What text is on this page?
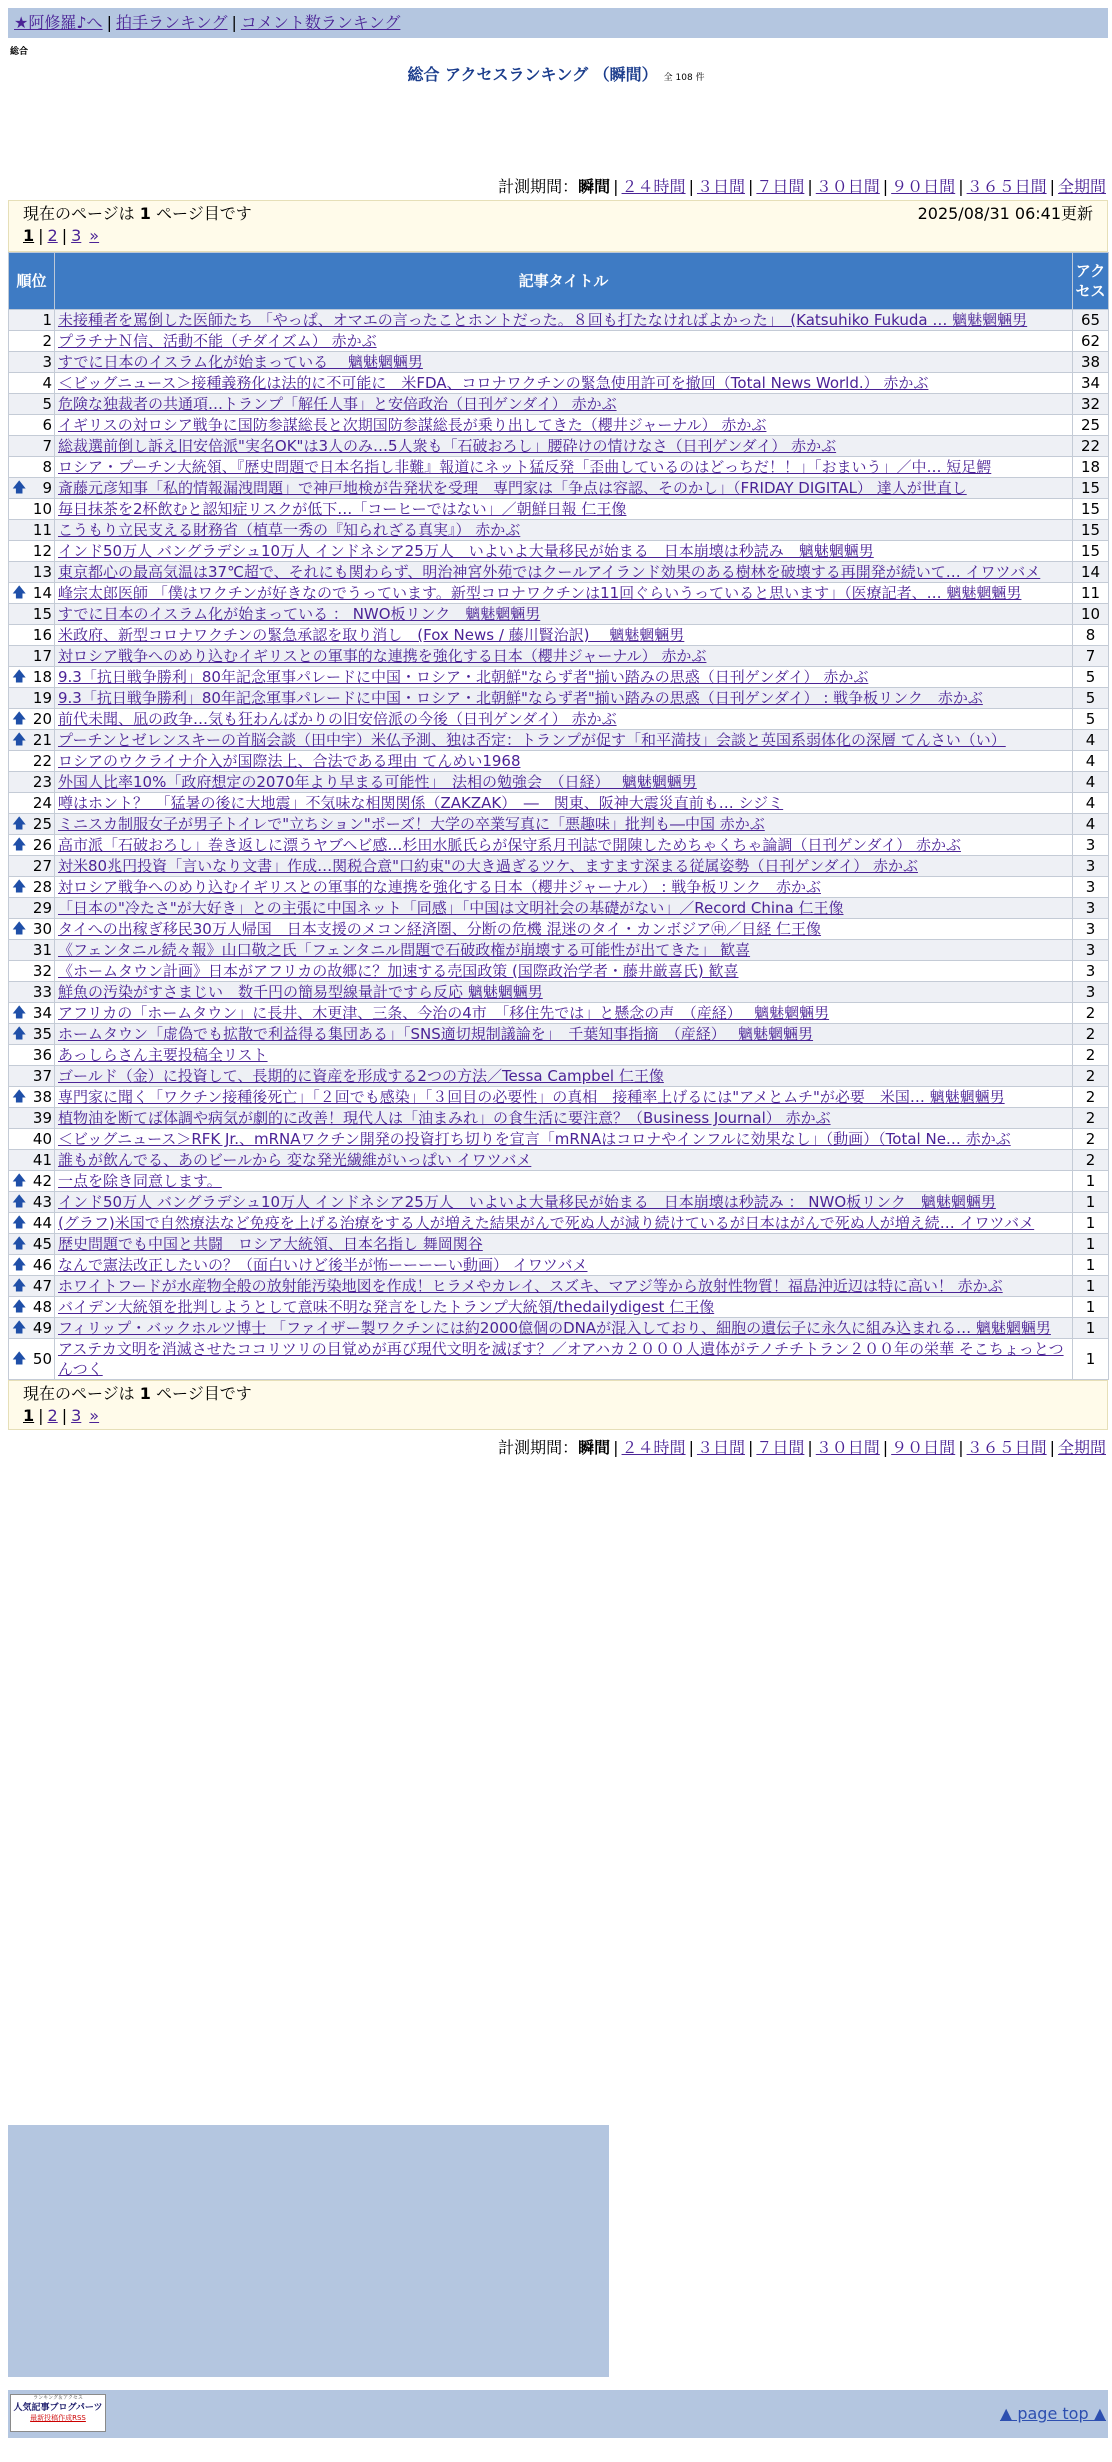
★阿修羅♪へ | 拍手ランキング | コメント数ランキング
総合
総合 アクセスランキング （瞬間） 全 108 件
計測期間：瞬間 | ２４時間 | ３日間 | ７日間 | ３０日間 | ９０日間 | ３６５日間 | 全期間
現在のページは 1 ページ目です	2025/08/31 06:41更新
1 | 2 | 3 »
順位	記事タイトル	アクセス
1	未接種者を罵倒した医師たち 「やっぱ、オマエの言ったことホントだった。８回も打たなければよかった」　(Katsuhiko Fukuda … 魑魅魍魎男	65
2	プラチナＮ信、活動不能（チダイズム） 赤かぶ	62
3	すでに日本のイスラム化が始まっている　 魑魅魍魎男	38
4	＜ビッグニュース＞接種義務化は法的に不可能に　米FDA、コロナワクチンの緊急使用許可を撤回（Total News World.） 赤かぶ	34
5	危険な独裁者の共通項…トランプ「解任人事」と安倍政治（日刊ゲンダイ） 赤かぶ	32
6	イギリスの対ロシア戦争に国防参謀総長と次期国防参謀総長が乗り出してきた（櫻井ジャーナル） 赤かぶ	25
7	総裁選前倒し訴え旧安倍派"実名OK"は3人のみ…5人衆も「石破おろし」腰砕けの情けなさ（日刊ゲンダイ） 赤かぶ	22
8	ロシア・プーチン大統領、『歴史問題で日本名指し非難』報道にネット猛反発「歪曲しているのはどっちだ！！」「おまいう」／中… 短足鰐	18

🡅 9	斎藤元彦知事「私的情報漏洩問題」で神戸地検が告発状を受理　専門家は「争点は容認、そのかし」（FRIDAY DIGITAL） 達人が世直し	15
10	毎日抹茶を2杯飲むと認知症リスクが低下…「コーヒーではない」／朝鮮日報 仁王像	15
11	こうもり立民支える財務省（植草一秀の『知られざる真実』） 赤かぶ	15
12	インド50万人 バングラデシュ10万人 インドネシア25万人　いよいよ大量移民が始まる　日本崩壊は秒読み　魑魅魍魎男	15
13	東京都心の最高気温は37℃超で、それにも関わらず、明治神宮外苑ではクールアイランド効果のある樹林を破壊する再開発が続いて… イワツバメ	14

🡅 14	峰宗太郎医師 「僕はワクチンが好きなのでうっています。新型コロナワクチンは11回ぐらいうっていると思います」（医療記者、… 魑魅魍魎男	11
15	すでに日本のイスラム化が始まっている ： NWO板リンク　魑魅魍魎男	10
16	米政府、新型コロナワクチンの緊急承認を取り消し　(Fox News / 藤川賢治訳)　 魑魅魍魎男	8
17	対ロシア戦争へのめり込むイギリスとの軍事的な連携を強化する日本（櫻井ジャーナル） 赤かぶ	7

🡅 18	9.3「抗日戦争勝利」80年記念軍事パレードに中国・ロシア・北朝鮮"ならず者"揃い踏みの思惑（日刊ゲンダイ） 赤かぶ	5
19	9.3「抗日戦争勝利」80年記念軍事パレードに中国・ロシア・北朝鮮"ならず者"揃い踏みの思惑（日刊ゲンダイ） : 戦争板リンク　赤かぶ	5

🡅 20	前代未聞、凪の政争…気も狂わんばかりの旧安倍派の今後（日刊ゲンダイ） 赤かぶ	5

🡅 21	プーチンとゼレンスキーの首脳会談（田中宇）米仏予測、独は否定：トランプが促す「和平満技」会談と英国系弱体化の深層 てんさい（い）	4
22	ロシアのウクライナ介入が国際法上、合法である理由 てんめい1968	4
23	外国人比率10%「政府想定の2070年より早まる可能性」　法相の勉強会　（日経）　 魑魅魍魎男	4
24	噂はホント？　「猛暑の後に大地震」不気味な相関関係（ZAKZAK）　―　関東、阪神大震災直前も… シジミ	4

🡅 25	ミニスカ制服女子が男子トイレで"立ちション"ポーズ！大学の卒業写真に「悪趣味」批判も―中国 赤かぶ	4

🡅 26	高市派「石破おろし」巻き返しに漂うヤブヘビ感…杉田水脈氏らが保守系月刊誌で開陳しためちゃくちゃ論調（日刊ゲンダイ） 赤かぶ	3
27	対米80兆円投資「言いなり文書」作成…関税合意"口約束"の大き過ぎるツケ、ますます深まる従属姿勢（日刊ゲンダイ） 赤かぶ	3

🡅 28	対ロシア戦争へのめり込むイギリスとの軍事的な連携を強化する日本（櫻井ジャーナル） : 戦争板リンク　赤かぶ	3
29	「日本の"冷たさ"が大好き」との主張に中国ネット「同感」「中国は文明社会の基礎がない」／Record China 仁王像	3

🡅 30	タイへの出稼ぎ移民30万人帰国　日本支援のメコン経済圏、分断の危機 混迷のタイ・カンボジア㊥／日経 仁王像	3
31	《フェンタニル続々報》山口敬之氏「フェンタニル問題で石破政権が崩壊する可能性が出てきた」 歓喜	3
32	《ホームタウン計画》日本がアフリカの故郷に？加速する売国政策 (国際政治学者・藤井厳喜氏) 歓喜	3
33	鮮魚の汚染がすさまじい　数千円の簡易型線量計ですら反応 魑魅魍魎男	3

🡅 34	アフリカの「ホームタウン」に長井、木更津、三条、今治の4市　「移住先では」と懸念の声　（産経）　 魑魅魍魎男	2

🡅 35	ホームタウン「虚偽でも拡散で利益得る集団ある」「SNS適切規制議論を」　千葉知事指摘　（産経）　 魑魅魍魎男	2
36	あっしらさん主要投稿全リスト	2
37	ゴールド（金）に投資して、長期的に資産を形成する2つの方法／Tessa Campbel 仁王像	2

🡅 38	専門家に聞く「ワクチン接種後死亡」「２回でも感染」「３回目の必要性」の真相　接種率上げるには"アメとムチ"が必要　米国… 魑魅魍魎男	2
39	植物油を断てば体調や病気が劇的に改善！現代人は「油まみれ」の食生活に要注意？（Business Journal） 赤かぶ	2
40	＜ビッグニュース＞RFK Jr.、mRNAワクチン開発の投資打ち切りを宣言「mRNAはコロナやインフルに効果なし」（動画）（Total Ne… 赤かぶ	2
41	誰もが飲んでる、あのビールから 変な発光繊維がいっぱい イワツバメ	2

🡅 42	一点を除き同意します。	1

🡅 43	インド50万人 バングラデシュ10万人 インドネシア25万人　いよいよ大量移民が始まる　日本崩壊は秒読み ： NWO板リンク　魑魅魍魎男	1

🡅 44	(グラフ)米国で自然療法など免疫を上げる治療をする人が増えた結果がんで死ぬ人が減り続けているが日本はがんで死ぬ人が増え続… イワツバメ	1

🡅 45	歴史問題でも中国と共闘　ロシア大統領、日本名指し 舞岡関谷	1

🡅 46	なんで憲法改正したいの？（面白いけど後半が怖ーーーーい動画） イワツバメ	1

🡅 47	ホワイトフードが水産物全般の放射能汚染地図を作成！ヒラメやカレイ、スズキ、マアジ等から放射性物質！福島沖近辺は特に高い！ 赤かぶ	1

🡅 48	バイデン大統領を批判しようとして意味不明な発言をしたトランプ大統領/thedailydigest 仁王像	1

🡅 49	フィリップ・バックホルツ博士 「ファイザー製ワクチンには約2000億個のDNAが混入しており、細胞の遺伝子に永久に組み込まれる… 魑魅魍魎男	1

🡅 50	アステカ文明を消滅させたココリツリの目覚めが再び現代文明を滅ぼす？／オアハカ２０００人遺体がテノチチトラン２００年の栄華 そこちょっとつんつく	1
現在のページは 1 ページ目です
1 | 2 | 3 »
計測期間：瞬間 | ２４時間 | ３日間 | ７日間 | ３０日間 | ９０日間 | ３６５日間 | 全期間
ランキング＆アクセス
人気記事ブログパーツ
最新投稿作成RSS	▲ page top ▲
